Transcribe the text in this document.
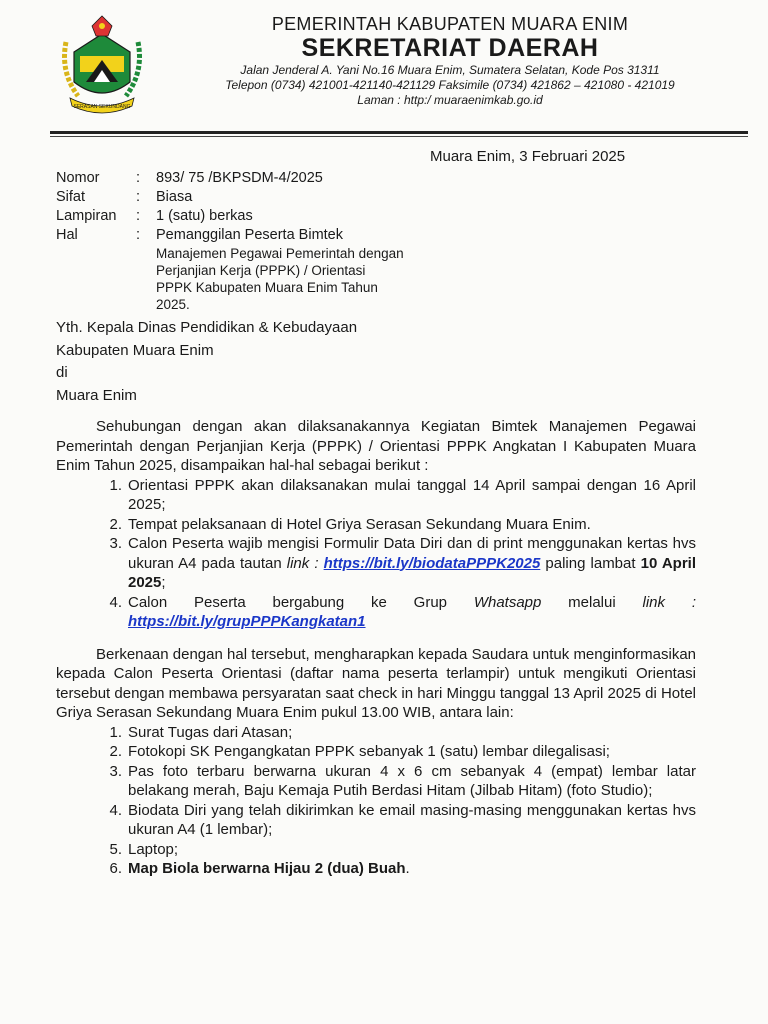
SERASAN SEKUNDANG
PEMERINTAH KABUPATEN MUARA ENIM
SEKRETARIAT DAERAH
Jalan Jenderal A. Yani No.16 Muara Enim, Sumatera Selatan, Kode Pos 31311
Telepon (0734) 421001-421140-421129 Faksimile (0734) 421862 – 421080 - 421019
Laman : http:/ muaraenimkab.go.id
Muara Enim, 3 Februari 2025
Nomor	:	893/ 75 /BKPSDM-4/2025
Sifat	:	Biasa
Lampiran	:	1 (satu) berkas
Hal	:	Pemanggilan Peserta Bimtek
Manajemen Pegawai Pemerintah dengan
Perjanjian Kerja (PPPK) / Orientasi
PPPK Kabupaten Muara Enim Tahun
2025.
Yth. Kepala Dinas Pendidikan & Kebudayaan
Kabupaten Muara Enim
di
Muara Enim

Sehubungan dengan akan dilaksanakannya Kegiatan Bimtek Manajemen Pegawai Pemerintah dengan Perjanjian Kerja (PPPK) / Orientasi PPPK Angkatan I Kabupaten Muara Enim Tahun 2025, disampaikan hal-hal sebagai berikut :

1. Orientasi PPPK akan dilaksanakan mulai tanggal 14 April sampai dengan 16 April 2025;
2. Tempat pelaksanaan di Hotel Griya Serasan Sekundang Muara Enim.
3. Calon Peserta wajib mengisi Formulir Data Diri dan di print menggunakan kertas hvs ukuran A4 pada tautan link : https://bit.ly/biodataPPPK2025 paling lambat 10 April 2025;
4. Calon Peserta bergabung ke Grup Whatsapp melalui link :
https://bit.ly/grupPPPKangkatan1

Berkenaan dengan hal tersebut, mengharapkan kepada Saudara untuk menginformasikan kepada Calon Peserta Orientasi (daftar nama peserta terlampir) untuk mengikuti Orientasi tersebut dengan membawa persyaratan saat check in hari Minggu tanggal 13 April 2025 di Hotel Griya Serasan Sekundang Muara Enim pukul 13.00 WIB, antara lain:

1. Surat Tugas dari Atasan;
2. Fotokopi SK Pengangkatan PPPK sebanyak 1 (satu) lembar dilegalisasi;
3. Pas foto terbaru berwarna ukuran 4 x 6 cm sebanyak 4 (empat) lembar latar belakang merah, Baju Kemaja Putih Berdasi Hitam (Jilbab Hitam) (foto Studio);
4. Biodata Diri yang telah dikirimkan ke email masing-masing menggunakan kertas hvs ukuran A4 (1 lembar);
5. Laptop;
6. Map Biola berwarna Hijau 2 (dua) Buah.
